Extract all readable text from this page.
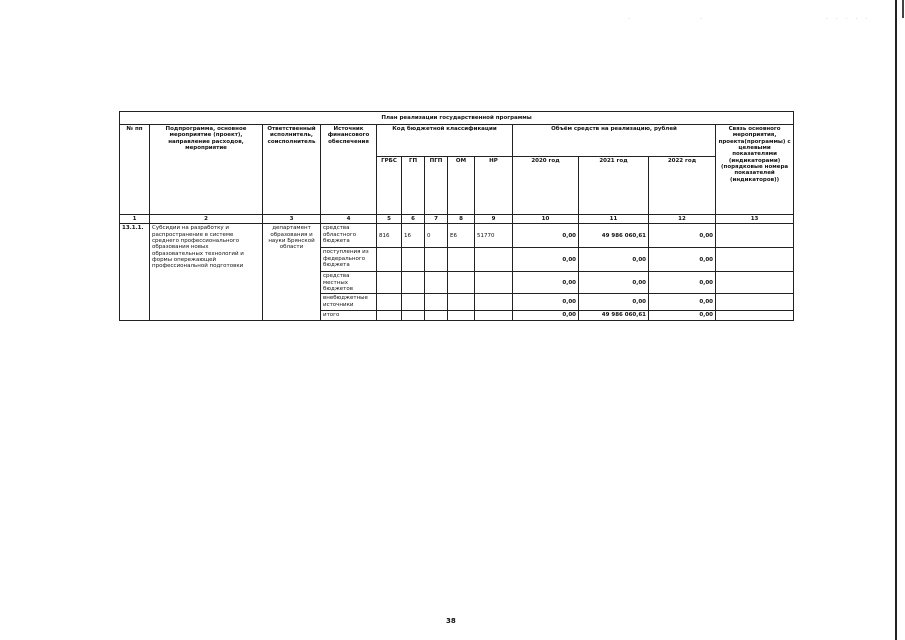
.	.	. . . . .
План реализации государственной программы												
№ пп	Подпрограмма, основное мероприятие (проект), направление расходов, мероприятие	Ответственный исполнитель, соисполнитель	Источник финансового обеспечения	Код бюджетной классификации					Объём средств на реализацию, рублей			Связь основного мероприятия, проекта(программы) с целевыми показателями (индикаторами) (порядковые номера показателей (индикаторов))
				ГРБС	ГП	ПГП	ОМ	НР	2020 год	2021 год	2022 год	
1	2	3	4	5	6	7	8	9	10	11	12	13
13.1.1.	Субсидии на разработку и распространение в системе среднего профессионального образования новых образовательных технологий и формы опережающей профессиональной подготовки	департамент образования и науки Брянской области	средства областного бюджета	816	16	0	Е6	51770	0,00	49 986 060,61	0,00	
			поступления из федерального бюджета						0,00	0,00	0,00	
			средства местных бюджетов						0,00	0,00	0,00	
			внебюджетные источники						0,00	0,00	0,00	
			итого						0,00	49 986 060,61	0,00	
38
